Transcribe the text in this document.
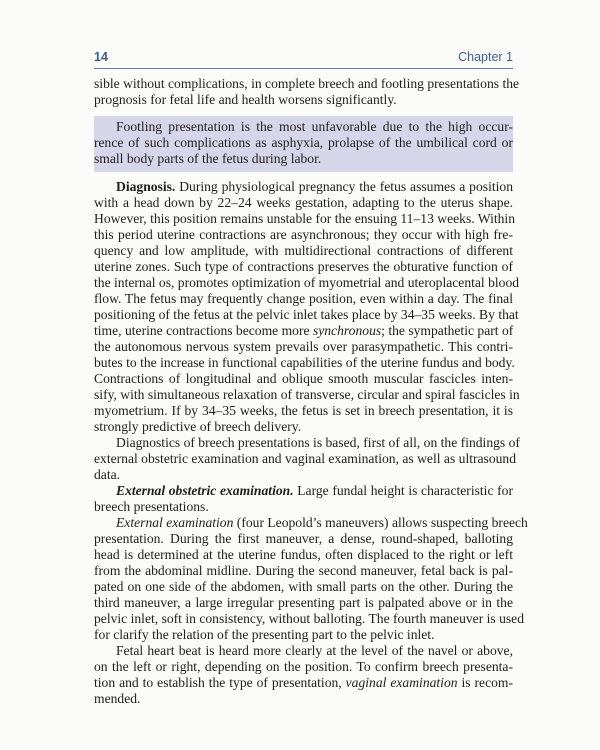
14	Chapter 1
sible without complications, in complete breech and footling presentations the
prognosis for fetal life and health worsens significantly.
Footling presentation is the most unfavorable due to the high occur-
rence of such complications as asphyxia, prolapse of the umbilical cord or
small body parts of the fetus during labor.
Diagnosis. During physiological pregnancy the fetus assumes a position
with a head down by 22–24 weeks gestation, adapting to the uterus shape.
However, this position remains unstable for the ensuing 11–13 weeks. Within
this period uterine contractions are asynchronous; they occur with high fre-
quency and low amplitude, with multidirectional contractions of different
uterine zones. Such type of contractions preserves the obturative function of
the internal os, promotes optimization of myometrial and uteroplacental blood
flow. The fetus may frequently change position, even within a day. The final
positioning of the fetus at the pelvic inlet takes place by 34–35 weeks. By that
time, uterine contractions become more synchronous; the sympathetic part of
the autonomous nervous system prevails over parasympathetic. This contri-
butes to the increase in functional capabilities of the uterine fundus and body.
Contractions of longitudinal and oblique smooth muscular fascicles inten-
sify, with simultaneous relaxation of transverse, circular and spiral fascicles in
myometrium. If by 34–35 weeks, the fetus is set in breech presentation, it is
strongly predictive of breech delivery.
Diagnostics of breech presentations is based, first of all, on the findings of
external obstetric examination and vaginal examination, as well as ultrasound
data.
External obstetric examination. Large fundal height is characteristic for
breech presentations.
External examination (four Leopold’s maneuvers) allows suspecting breech
presentation. During the first maneuver, a dense, round-shaped, balloting
head is determined at the uterine fundus, often displaced to the right or left
from the abdominal midline. During the second maneuver, fetal back is pal-
pated on one side of the abdomen, with small parts on the other. During the
third maneuver, a large irregular presenting part is palpated above or in the
pelvic inlet, soft in consistency, without balloting. The fourth maneuver is used
for clarify the relation of the presenting part to the pelvic inlet.
Fetal heart beat is heard more clearly at the level of the navel or above,
on the left or right, depending on the position. To confirm breech presenta-
tion and to establish the type of presentation, vaginal examination is recom-
mended.
